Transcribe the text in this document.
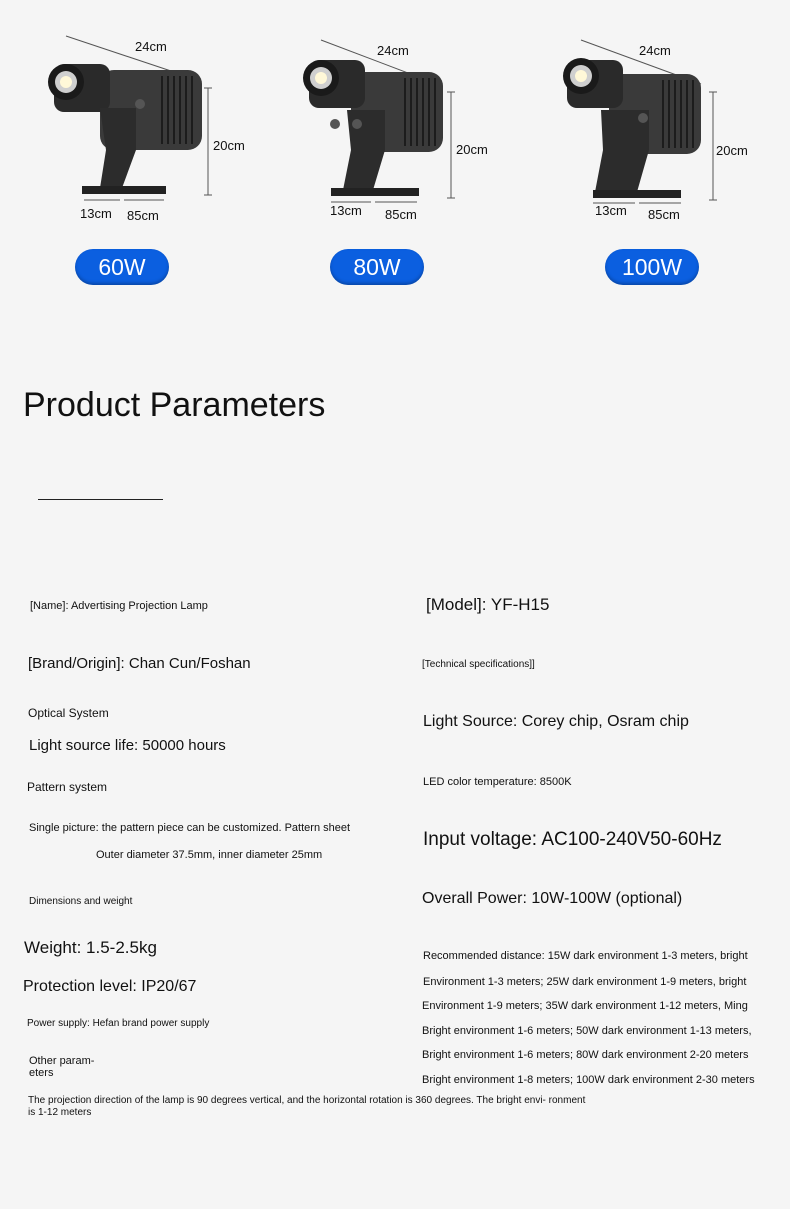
24cm
20cm
13cm 85cm
60W
24cm
20cm
13cm 85cm
80W
24cm
20cm
13cm 85cm
100W
Product Parameters
[Name]: Advertising Projection Lamp
[Brand/Origin]: Chan Cun/Foshan
Optical System
Light source life: 50000 hours
Pattern system
Single picture: the pattern piece can be customized. Pattern sheet
Outer diameter 37.5mm, inner diameter 25mm
Dimensions and weight
Weight: 1.5-2.5kg
Protection level: IP20/67
Power supply: Hefan brand power supply
Other param- eters
The projection direction of the lamp is 90 degrees vertical, and the horizontal rotation is 360 degrees. The bright envi- ronment is 1-12 meters
[Model]: YF-H15
[Technical specifications]]
Light Source: Corey chip, Osram chip
LED color temperature: 8500K
Input voltage: AC100-240V50-60Hz
Overall Power: 10W-100W (optional)
Recommended distance: 15W dark environment 1-3 meters, bright
Environment 1-3 meters; 25W dark environment 1-9 meters, bright
Environment 1-9 meters; 35W dark environment 1-12 meters, Ming
Bright environment 1-6 meters; 50W dark environment 1-13 meters,
Bright environment 1-6 meters; 80W dark environment 2-20 meters
Bright environment 1-8 meters; 100W dark environment 2-30 meters
